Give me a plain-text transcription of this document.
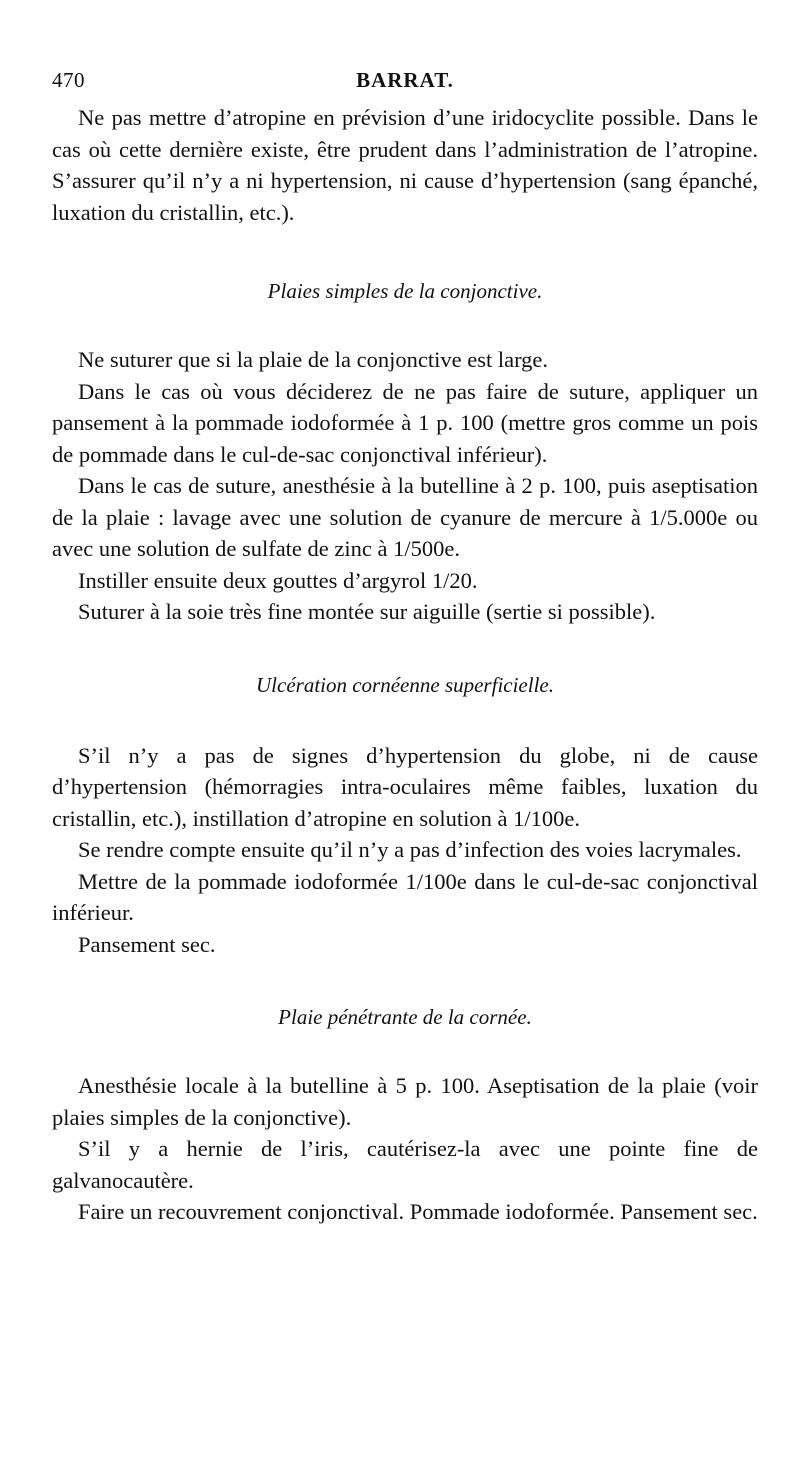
470	BARRAT.

Ne pas mettre d’atropine en prévision d’une iridocyclite possible. Dans le cas où cette dernière existe, être prudent dans l’administration de l’atropine. S’assurer qu’il n’y a ni hypertension, ni cause d’hypertension (sang épanché, luxation du cristallin, etc.).

Plaies simples de la conjonctive.

Ne suturer que si la plaie de la conjonctive est large.

Dans le cas où vous déciderez de ne pas faire de suture, appliquer un pansement à la pommade iodoformée à 1 p. 100 (mettre gros comme un pois de pommade dans le cul-de-sac conjonctival inférieur).

Dans le cas de suture, anesthésie à la butelline à 2 p. 100, puis aseptisation de la plaie : lavage avec une solution de cyanure de mercure à 1/5.000e ou avec une solution de sulfate de zinc à 1/500e.

Instiller ensuite deux gouttes d’argyrol 1/20.

Suturer à la soie très fine montée sur aiguille (sertie si possible).

Ulcération cornéenne superficielle.

S’il n’y a pas de signes d’hypertension du globe, ni de cause d’hypertension (hémorragies intra-oculaires même faibles, luxation du cristallin, etc.), instillation d’atropine en solution à 1/100e.

Se rendre compte ensuite qu’il n’y a pas d’infection des voies lacrymales.

Mettre de la pommade iodoformée 1/100e dans le cul-de-sac conjonctival inférieur.

Pansement sec.

Plaie pénétrante de la cornée.

Anesthésie locale à la butelline à 5 p. 100. Aseptisation de la plaie (voir plaies simples de la conjonctive).

S’il y a hernie de l’iris, cautérisez-la avec une pointe fine de galvanocautère.

Faire un recouvrement conjonctival. Pommade iodoformée. Pansement sec.
